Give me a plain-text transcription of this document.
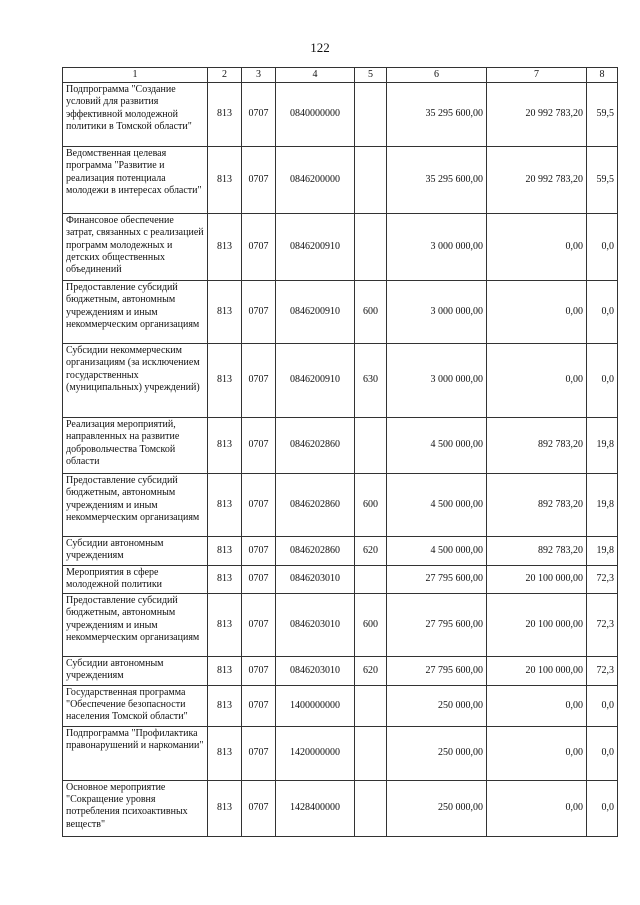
122
1	2	3	4	5	6	7	8
Подпрограмма "Создание условий для развития эффективной молодежной политики в Томской области"	813	0707	0840000000		35 295 600,00	20 992 783,20	59,5
Ведомственная целевая программа "Развитие и реализация потенциала молодежи в интересах области"	813	0707	0846200000		35 295 600,00	20 992 783,20	59,5
Финансовое обеспечение затрат, связанных с реализацией программ молодежных и детских общественных объединений	813	0707	0846200910		3 000 000,00	0,00	0,0
Предоставление субсидий бюджетным, автономным учреждениям и иным некоммерческим организациям	813	0707	0846200910	600	3 000 000,00	0,00	0,0
Субсидии некоммерческим организациям (за исключением государственных (муниципальных) учреждений)	813	0707	0846200910	630	3 000 000,00	0,00	0,0
Реализация мероприятий, направленных на развитие добровольчества Томской области	813	0707	0846202860		4 500 000,00	892 783,20	19,8
Предоставление субсидий бюджетным, автономным учреждениям и иным некоммерческим организациям	813	0707	0846202860	600	4 500 000,00	892 783,20	19,8
Субсидии автономным учреждениям	813	0707	0846202860	620	4 500 000,00	892 783,20	19,8
Мероприятия в сфере молодежной политики	813	0707	0846203010		27 795 600,00	20 100 000,00	72,3
Предоставление субсидий бюджетным, автономным учреждениям и иным некоммерческим организациям	813	0707	0846203010	600	27 795 600,00	20 100 000,00	72,3
Субсидии автономным учреждениям	813	0707	0846203010	620	27 795 600,00	20 100 000,00	72,3
Государственная программа "Обеспечение безопасности населения Томской области"	813	0707	1400000000		250 000,00	0,00	0,0
Подпрограмма "Профилактика правонарушений и наркомании"	813	0707	1420000000		250 000,00	0,00	0,0
Основное мероприятие "Сокращение уровня потребления психоактивных веществ"	813	0707	1428400000		250 000,00	0,00	0,0
